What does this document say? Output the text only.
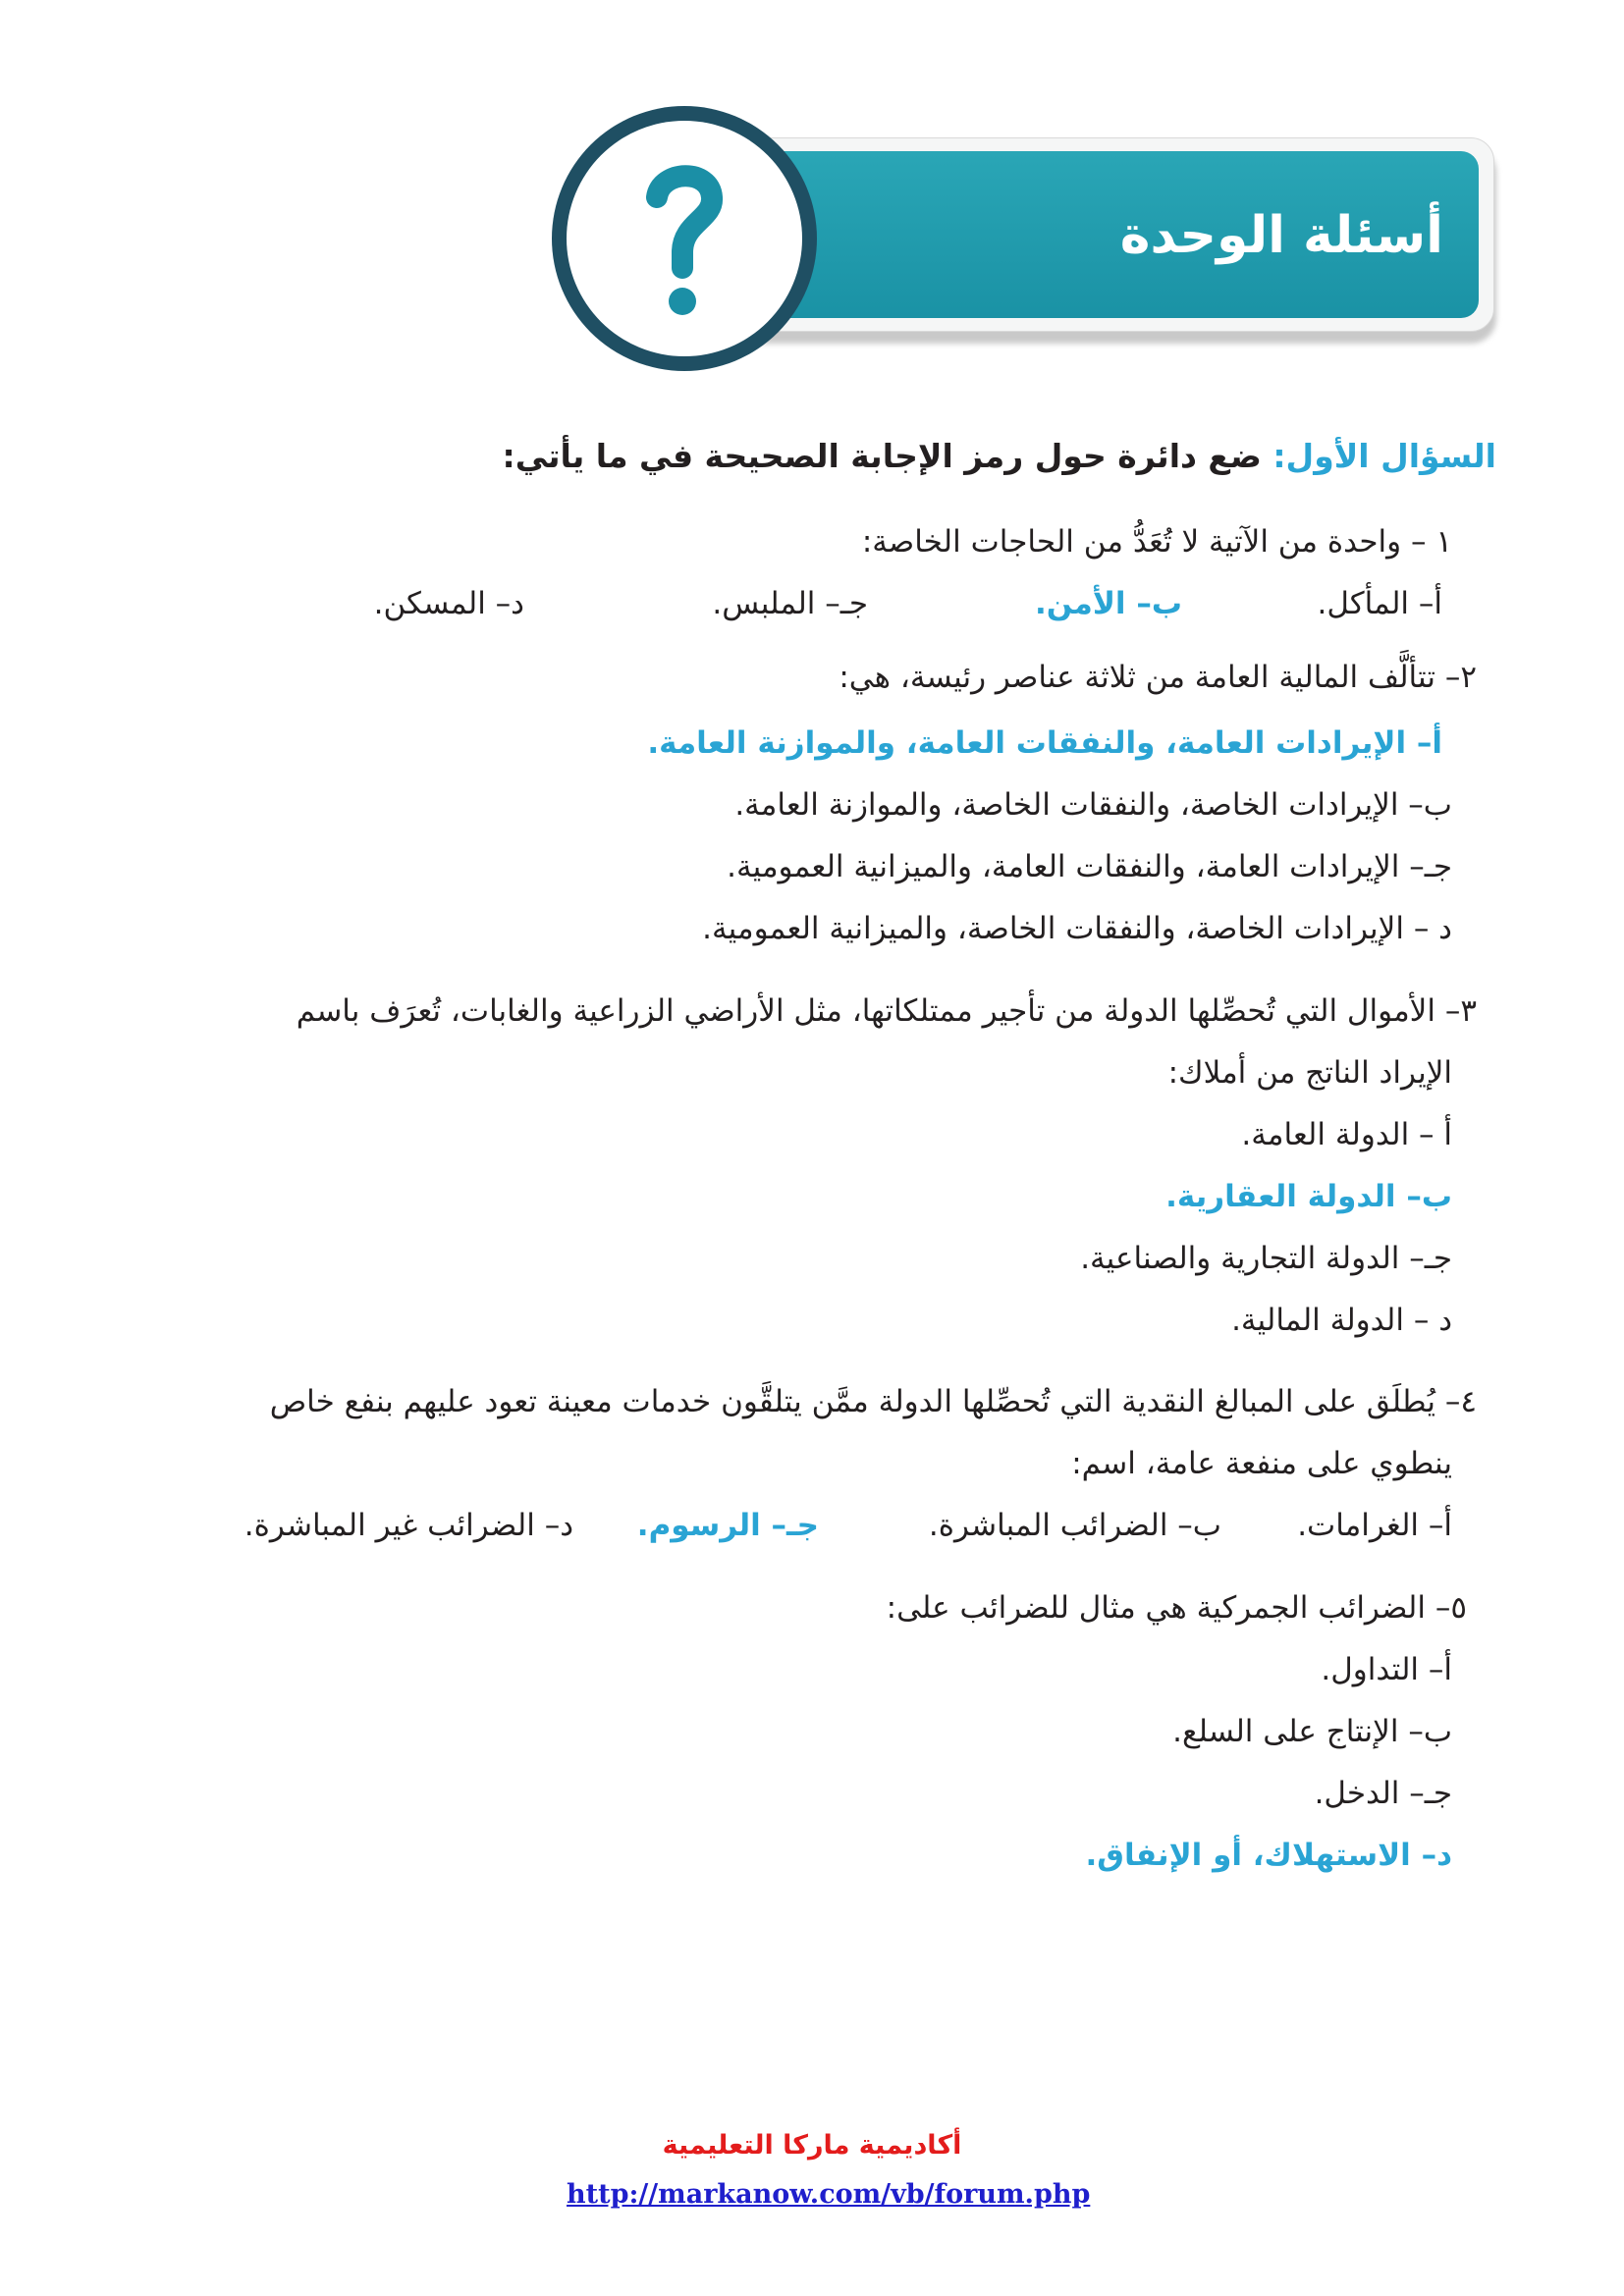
أسئلة الوحدة
السؤال الأول: ضع دائرة حول رمز الإجابة الصحيحة في ما يأتي:
١ – واحدة من الآتية لا تُعَدُّ من الحاجات الخاصة:
أ– المأكل.
ب– الأمن.
جـ– الملبس.
د– المسكن.
٢– تتألَّف المالية العامة من ثلاثة عناصر رئيسة، هي:
أ– الإيرادات العامة، والنفقات العامة، والموازنة العامة.
ب– الإيرادات الخاصة، والنفقات الخاصة، والموازنة العامة.
جـ– الإيرادات العامة، والنفقات العامة، والميزانية العمومية.
د – الإيرادات الخاصة، والنفقات الخاصة، والميزانية العمومية.
٣– الأموال التي تُحصِّلها الدولة من تأجير ممتلكاتها، مثل الأراضي الزراعية والغابات، تُعرَف باسم
الإيراد الناتج من أملاك:
أ – الدولة العامة.
ب– الدولة العقارية.
جـ– الدولة التجارية والصناعية.
د – الدولة المالية.
٤– يُطلَق على المبالغ النقدية التي تُحصِّلها الدولة ممَّن يتلقَّون خدمات معينة تعود عليهم بنفع خاص
ينطوي على منفعة عامة، اسم:
أ– الغرامات.
ب– الضرائب المباشرة.
جـ– الرسوم.
د– الضرائب غير المباشرة.
٥– الضرائب الجمركية هي مثال للضرائب على:
أ– التداول.
ب– الإنتاج على السلع.
جـ– الدخل.
د– الاستهلاك، أو الإنفاق.
أكاديمية ماركا التعليمية
http://markanow.com/vb/forum.php
